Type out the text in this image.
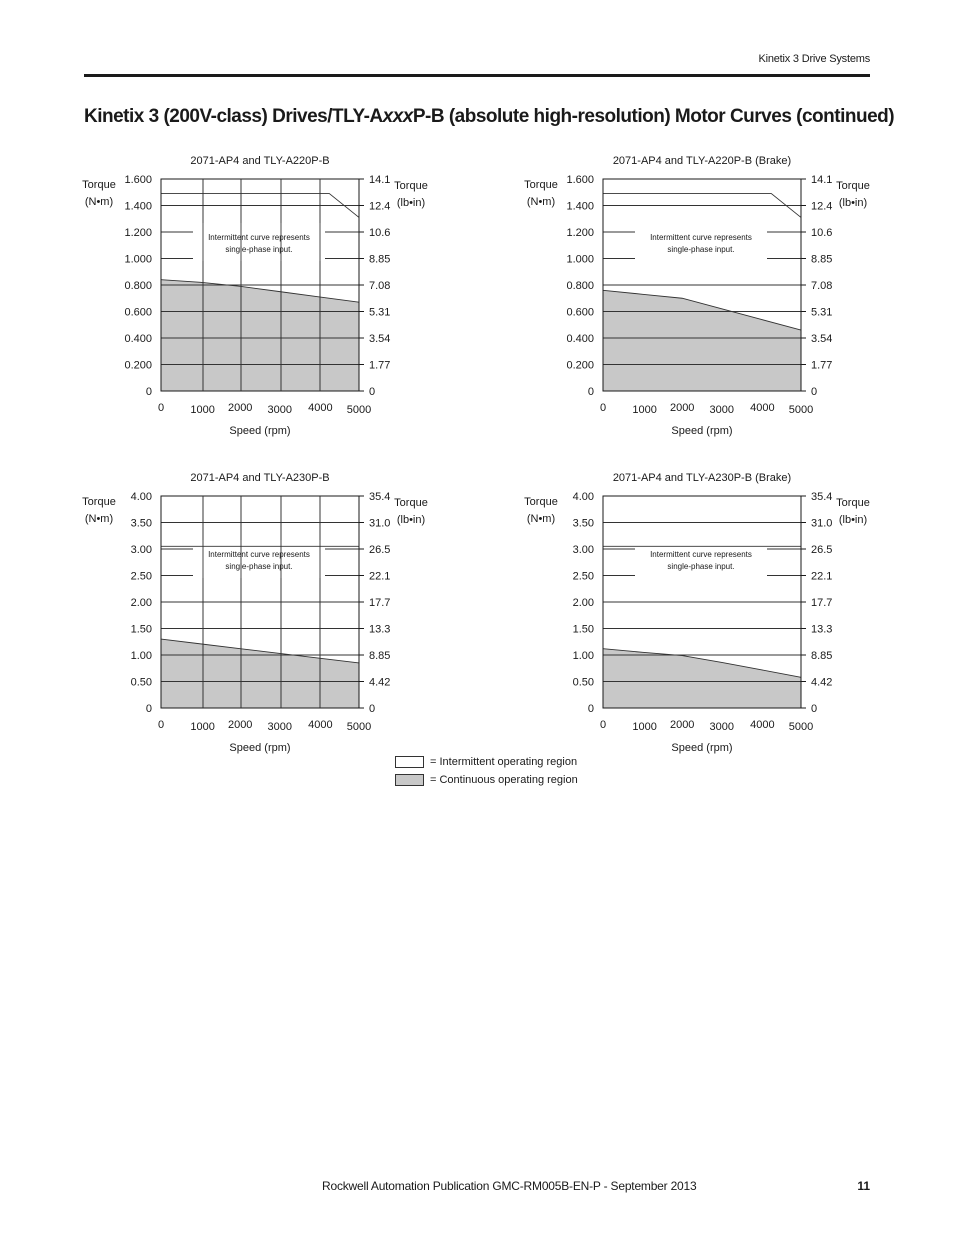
Kinetix 3 Drive Systems
Kinetix 3 (200V-class) Drives/TLY-AxxxP-B (absolute high-resolution) Motor Curves (continued)
Intermittent curve represents
single-phase input.
0
0.200
0.400
0.600
0.800
1.000
1.200
1.400
1.600
0
1.77
3.54
5.31
7.08
8.85
10.6
12.4
14.1
0 1000 2000 3000 4000 5000
2071-AP4 and TLY-A220P-B
Speed (rpm)
Torque
(N•m)
Torque
(lb•in)
Intermittent curve represents
single-phase input.
0
0.200
0.400
0.600
0.800
1.000
1.200
1.400
1.600
0
1.77
3.54
5.31
7.08
8.85
10.6
12.4
14.1
0 1000 2000 3000 4000 5000
2071-AP4 and TLY-A220P-B (Brake)
Speed (rpm)
Torque
(N•m)
Torque
(lb•in)
Intermittent curve represents
single-phase input.
0
0.50
1.00
1.50
2.00
2.50
3.00
3.50
4.00
0
4.42
8.85
13.3
17.7
22.1
26.5
31.0
35.4
0 1000 2000 3000 4000 5000
2071-AP4 and TLY-A230P-B
Speed (rpm)
Torque
(N•m)
Torque
(lb•in)
Intermittent curve represents
single-phase input.
0
0.50
1.00
1.50
2.00
2.50
3.00
3.50
4.00
0
4.42
8.85
13.3
17.7
22.1
26.5
31.0
35.4
0 1000 2000 3000 4000 5000
2071-AP4 and TLY-A230P-B (Brake)
Speed (rpm)
Torque
(N•m)
Torque
(lb•in)
= Intermittent operating region
= Continuous operating region
Rockwell Automation Publication GMC-RM005B-EN-P - September 2013	11
